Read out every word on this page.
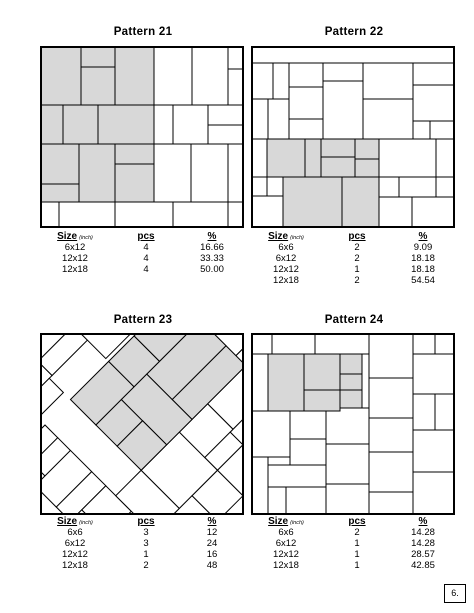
Pattern 21
Size (inch)	pcs	%
6x12	4	16.66
12x12	4	33.33
12x18	4	50.00
Pattern 22
Size (inch)	pcs	%
6x6	2	9.09
6x12	2	18.18
12x12	1	18.18
12x18	2	54.54
Pattern 23
Size (inch)	pcs	%
6x6	3	12
6x12	3	24
12x12	1	16
12x18	2	48
Pattern 24
Size (inch)	pcs	%
6x6	2	14.28
6x12	1	14.28
12x12	1	28.57
12x18	1	42.85
6.
